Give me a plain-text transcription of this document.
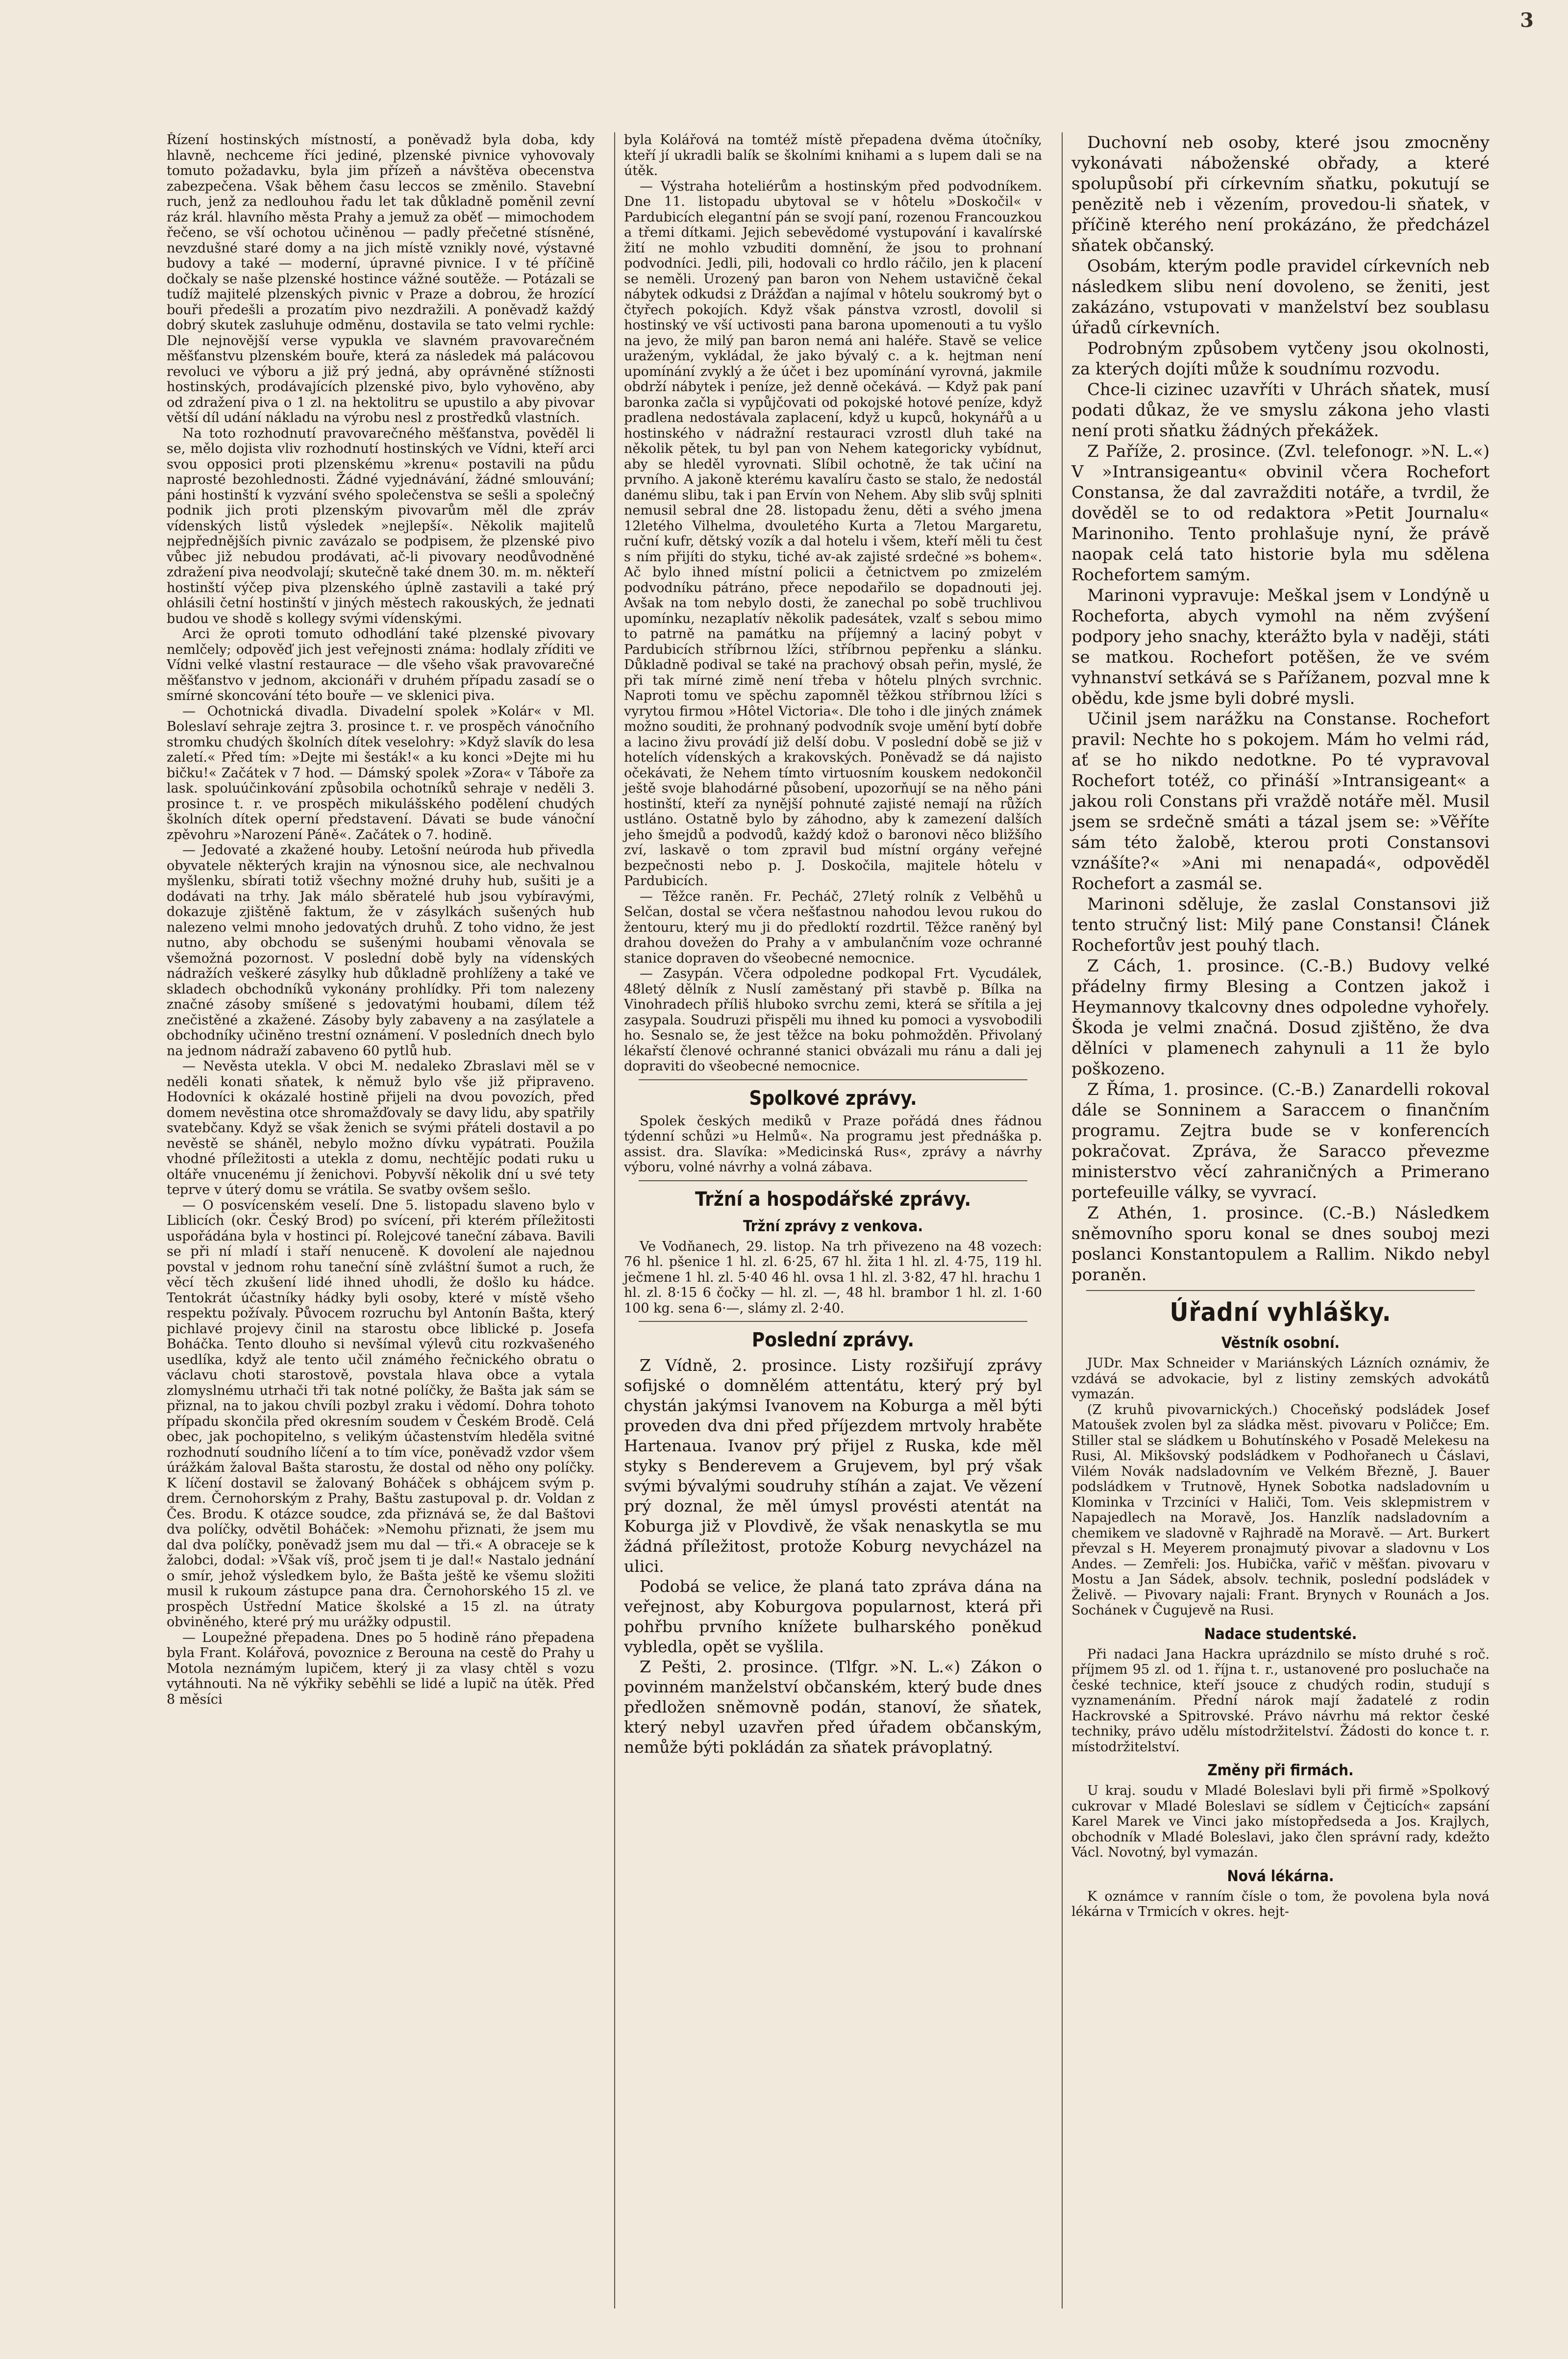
3

Řízení hostinských místností, a poněvadž byla doba, kdy hlavně, nechceme říci jediné, plzenské pivnice vyhovovaly tomuto požadavku, byla jim přízeň a návštěva obecenstva zabezpečena. Však během času leccos se změnilo. Stavební ruch, jenž za nedlouhou řadu let tak důkladně poměnil zevní ráz král. hlavního města Prahy a jemuž za oběť — mimochodem řečeno, se vší ochotou učiněnou — padly přečetné stísněné, nevzdušné staré domy a na jich místě vznikly nové, výstavné budovy a také — moderní, úpravné pivnice. I v té příčině dočkaly se naše plzenské hostince vážné soutěže. — Potázali se tudíž majitelé plzenských pivnic v Praze a dobrou, že hrozící bouři předešli a prozatím pivo nezdražili. A poněvadž každý dobrý skutek zasluhuje odměnu, dostavila se tato velmi rychle: Dle nejnovější verse vypukla ve slavném pravovarečném měšťanstvu plzenském bouře, která za následek má palácovou revoluci ve výboru a již prý jedná, aby oprávněné stížnosti hostinských, prodávajících plzenské pivo, bylo vyhověno, aby od zdražení piva o 1 zl. na hektolitru se upustilo a aby pivovar větší díl udání nákladu na výrobu nesl z prostředků vlastních.

Na toto rozhodnutí pravovarečného měšťanstva, pověděl li se, mělo dojista vliv rozhodnutí hostinských ve Vídni, kteří arci svou opposici proti plzenskému »krenu« postavili na půdu naprosté bezohlednosti. Žádné vyjednávání, žádné smlouvání; páni hostinští k vyzvání svého společenstva se sešli a společný podnik jich proti plzenským pivovarům měl dle zpráv vídenských listů výsledek »nejlepší«. Několik majitelů nejpřednějších pivnic zavázalo se podpisem, že plzenské pivo vůbec již nebudou prodávati, ač-li pivovary neodůvodněné zdražení piva neodvolají; skutečně také dnem 30. m. m. někteří hostinští výčep piva plzenského úplně zastavili a také prý ohlásili četní hostinští v jiných městech rakouských, že jednati budou ve shodě s kollegy svými vídenskými.

Arci že oproti tomuto odhodlání také plzenské pivovary nemlčely; odpověď jich jest veřejnosti známa: hodlaly zříditi ve Vídni velké vlastní restaurace — dle všeho však pravovarečné měšťanstvo v jednom, akcionáři v druhém případu zasadí se o smírné skoncování této bouře — ve sklenici piva.

— Ochotnická divadla. Divadelní spolek »Kolár« v Ml. Boleslaví sehraje zejtra 3. prosince t. r. ve prospěch vánočního stromku chudých školních dítek veselohry: »Když slavík do lesa zaletí.« Před tím: »Dejte mi šesták!« a ku konci »Dejte mi hu bičku!« Začátek v 7 hod. — Dámský spolek »Zora« v Táboře za lask. spoluúčinkování způsobila ochotníků sehraje v neděli 3. prosince t. r. ve prospěch mikulášského podělení chudých školních dítek operní představení. Dávati se bude vánoční zpěvohru »Narození Páně«. Začátek o 7. hodině.

— Jedovaté a zkažené houby. Letošní neúroda hub přivedla obyvatele některých krajin na výnosnou sice, ale nechvalnou myšlenku, sbírati totiž všechny možné druhy hub, sušiti je a dodávati na trhy. Jak málo sběratelé hub jsou vybíravými, dokazuje zjištěně faktum, že v zásylkách sušených hub nalezeno velmi mnoho jedovatých druhů. Z toho vidno, že jest nutno, aby obchodu se sušenými houbami věnovala se všemožná pozornost. V poslední době byly na vídenských nádražích veškeré zásylky hub důkladně prohlíženy a také ve skladech obchodníků vykonány prohlídky. Při tom nalezeny značné zásoby smíšené s jedovatými houbami, dílem též znečistěné a zkažené. Zásoby byly zabaveny a na zasýlatele a obchodníky učiněno trestní oznámení. V posledních dnech bylo na jednom nádraží zabaveno 60 pytlů hub.

— Nevěsta utekla. V obci M. nedaleko Zbraslavi měl se v neděli konati sňatek, k němuž bylo vše již připraveno. Hodovníci k okázalé hostině přijeli na dvou povozích, před domem nevěstina otce shromažďovaly se davy lidu, aby spatřily svatebčany. Když se však ženich se svými přáteli dostavil a po nevěstě se sháněl, nebylo možno dívku vypátrati. Použila vhodné příležitosti a utekla z domu, nechtějíc podati ruku u oltáře vnucenému jí ženichovi. Pobyvší několik dní u své tety teprve v úterý domu se vrátila. Se svatby ovšem sešlo.

— O posvícenském veselí. Dne 5. listopadu slaveno bylo v Liblicích (okr. Český Brod) po svícení, při kterém příležitosti uspořádána byla v hostinci pí. Rolejcové taneční zábava. Bavili se při ní mladí i staří nenuceně. K dovolení ale najednou povstal v jednom rohu taneční síně zvláštní šumot a ruch, že věcí těch zkušení lidé ihned uhodli, že došlo ku hádce. Tentokrát účastníky hádky byli osoby, které v místě všeho respektu požívaly. Půvocem rozruchu byl Antonín Bašta, který pichlavé projevy činil na starostu obce liblické p. Josefa Boháčka. Tento dlouho si nevšímal výlevů citu rozkvašeného usedlíka, když ale tento učil známého řečnického obratu o václavu choti starostově, povstala hlava obce a vytala zlomyslnému utrhači tři tak notné políčky, že Bašta jak sám se přiznal, na to jakou chvíli pozbyl zraku i vědomí. Dohra tohoto případu skončila před okresním soudem v Českém Brodě. Celá obec, jak pochopitelno, s velikým účastenstvím hleděla svitné rozhodnutí soudního líčení a to tím více, poněvadž vzdor všem úrážkám žaloval Bašta starostu, že dostal od něho ony políčky. K líčení dostavil se žalovaný Boháček s obhájcem svým p. drem. Černohorským z Prahy, Baštu zastupoval p. dr. Voldan z Čes. Brodu. K otázce soudce, zda přiznává se, že dal Baštovi dva políčky, odvětil Boháček: »Nemohu přiznati, že jsem mu dal dva políčky, poněvadž jsem mu dal — tři.« A obraceje se k žalobci, dodal: »Však víš, proč jsem ti je dal!« Nastalo jednání o smír, jehož výsledkem bylo, že Bašta ještě ke všemu složiti musil k rukoum zástupce pana dra. Černohorského 15 zl. ve prospěch Ústřední Matice školské a 15 zl. na útraty obviněného, které prý mu urážky odpustil.

— Loupežné přepadena. Dnes po 5 hodině ráno přepadena byla Frant. Kolářová, povoznice z Berouna na cestě do Prahy u Motola neznámým lupičem, který ji za vlasy chtěl s vozu vytáhnouti. Na ně výkřiky seběhli se lidé a lupič na útěk. Před 8 měsíci

byla Kolářová na tomtéž místě přepadena dvěma útočníky, kteří jí ukradli balík se školními knihami a s lupem dali se na útěk.

— Výstraha hoteliérům a hostinským před podvodníkem. Dne 11. listopadu ubytoval se v hôtelu »Doskočil« v Pardubicích elegantní pán se svojí paní, rozenou Francouzkou a třemi dítkami. Jejich sebevědomé vystupování i kavalírské žití ne mohlo vzbuditi domnění, že jsou to prohnaní podvodníci. Jedli, pili, hodovali co hrdlo ráčilo, jen k placení se neměli. Urozený pan baron von Nehem ustavičně čekal nábytek odkudsi z Drážďan a najímal v hôtelu soukromý byt o čtyřech pokojích. Když však pánstva vzrostl, dovolil si hostinský ve vší uctivosti pana barona upomenouti a tu vyšlo na jevo, že milý pan baron nemá ani haléře. Stavě se velice uraženým, vykládal, že jako bývalý c. a k. hejtman není upomínání zvyklý a že účet i bez upomínání vyrovná, jakmile obdrží nábytek i peníze, jež denně očekává. — Když pak paní baronka začla si vypůjčovati od pokojské hotové peníze, když pradlena nedostávala zaplacení, když u kupců, hokynářů a u hostinského v nádražní restauraci vzrostl dluh také na několik pětek, tu byl pan von Nehem kategoricky vybídnut, aby se hleděl vyrovnati. Slíbil ochotně, že tak učiní na prvního. A jakoně kterému kavalíru často se stalo, že nedostál danému slibu, tak i pan Ervín von Nehem. Aby slib svůj splniti nemusil sebral dne 28. listopadu ženu, děti a svého jmena 12letého Vilhelma, dvouletého Kurta a 7letou Margaretu, ruční kufr, dětský vozík a dal hotelu i všem, kteří měli tu čest s ním přijíti do styku, tiché av-ak zajisté srdečné »s bohem«. Ač bylo ihned místní policii a četnictvem po zmizelém podvodníku pátráno, přece nepodařilo se dopadnouti jej. Avšak na tom nebylo dosti, že zanechal po sobě truchlivou upomínku, nezaplatív několik padesátek, vzalť s sebou mimo to patrně na památku na příjemný a laciný pobyt v Pardubicích stříbrnou lžíci, stříbrnou pepřenku a slánku. Důkladně podival se také na prachový obsah peřin, myslé, že při tak mírné zimě není třeba v hôtelu plných svrchnic. Naproti tomu ve spěchu zapomněl těžkou stříbrnou lžíci s vyrytou firmou »Hôtel Victoria«. Dle toho i dle jiných známek možno souditi, že prohnaný podvodník svoje umění bytí dobře a lacino živu provádí již delší dobu. V poslední době se již v hotelích vídenských a krakovských. Poněvadž se dá najisto očekávati, že Nehem tímto virtuosním kouskem nedokončil ještě svoje blahodárné působení, upozorňují se na něho páni hostinští, kteří za nynější pohnuté zajisté nemají na růžích ustláno. Ostatně bylo by záhodno, aby k zamezení dalších jeho šmejdů a podvodů, každý kdož o baronovi něco bližšího zví, laskavě o tom zpravil bud místní orgány veřejné bezpečnosti nebo p. J. Doskočila, majitele hôtelu v Pardubicích.

— Těžce raněn. Fr. Pecháč, 27letý rolník z Velběhů u Selčan, dostal se včera nešťastnou nahodou levou rukou do žentouru, který mu ji do předloktí rozdrtil. Těžce raněný byl drahou dovežen do Prahy a v ambulančním voze ochranné stanice dopraven do všeobecné nemocnice.

— Zasypán. Včera odpoledne podkopal Frt. Vycudálek, 48letý dělník z Nuslí zaměstaný při stavbě p. Bílka na Vinohradech příliš hluboko svrchu zemi, která se sřítila a jej zasypala. Soudruzi přispěli mu ihned ku pomoci a vysvobodili ho. Sesnalo se, že jest těžce na boku pohmožděn. Přivolaný lékařstí členové ochranné stanici obvázali mu ránu a dali jej dopraviti do všeobecné nemocnice.

Spolkové zprávy.

Spolek českých mediků v Praze pořádá dnes řádnou týdenní schůzi »u Helmů«. Na programu jest přednáška p. assist. dra. Slavíka: »Medicinská Rus«, zprávy a návrhy výboru, volné návrhy a volná zábava.

Tržní a hospodářské zprávy.
Tržní zprávy z venkova.

Ve Vodňanech, 29. listop. Na trh přivezeno na 48 vozech: 76 hl. pšenice 1 hl. zl. 6·25, 67 hl. žita 1 hl. zl. 4·75, 119 hl. ječmene 1 hl. zl. 5·40 46 hl. ovsa 1 hl. zl. 3·82, 47 hl. hrachu 1 hl. zl. 8·15 6 čočky — hl. zl. —, 48 hl. brambor 1 hl. zl. 1·60 100 kg. sena 6·—, slámy zl. 2·40.

Poslední zprávy.

Z Vídně, 2. prosince. Listy rozšiřují zprávy sofijské o domnělém attentátu, který prý byl chystán jakýmsi Ivanovem na Koburga a měl býti proveden dva dni před příjezdem mrtvoly hraběte Hartenaua. Ivanov prý přijel z Ruska, kde měl styky s Benderevem a Grujevem, byl prý však svými bývalými soudruhy stíhán a zajat. Ve vězení prý doznal, že měl úmysl provésti atentát na Koburga již v Plovdivě, že však nenaskytla se mu žádná příležitost, protože Koburg nevycházel na ulici.

Podobá se velice, že planá tato zpráva dána na veřejnost, aby Koburgova popularnost, která při pohřbu prvního knížete bulharského poněkud vybledla, opět se vyšlila.

Z Pešti, 2. prosince. (Tlfgr. »N. L.«) Zákon o povinném manželství občanském, který bude dnes předložen sněmovně podán, stanoví, že sňatek, který nebyl uzavřen před úřadem občanským, nemůže býti pokládán za sňatek právoplatný.

Duchovní neb osoby, které jsou zmocněny vykonávati náboženské obřady, a které spolupůsobí při církevním sňatku, pokutují se penězitě neb i vězením, provedou-li sňatek, v příčině kterého není prokázáno, že předcházel sňatek občanský.

Osobám, kterým podle pravidel církevních neb následkem slibu není dovoleno, se ženiti, jest zakázáno, vstupovati v manželství bez soublasu úřadů církevních.

Podrobným způsobem vytčeny jsou okolnosti, za kterých dojíti může k soudnímu rozvodu.

Chce-li cizinec uzavříti v Uhrách sňatek, musí podati důkaz, že ve smyslu zákona jeho vlasti není proti sňatku žádných překážek.

Z Paříže, 2. prosince. (Zvl. telefonogr. »N. L.«) V »Intransigeantu« obvinil včera Rochefort Constansa, že dal zavražditi notáře, a tvrdil, že dověděl se to od redaktora »Petit Journalu« Marinoniho. Tento prohlašuje nyní, že právě naopak celá tato historie byla mu sdělena Rochefortem samým.

Marinoni vypravuje: Meškal jsem v Londýně u Rocheforta, abych vymohl na něm zvýšení podpory jeho snachy, kterážto byla v naději, státi se matkou. Rochefort potěšen, že ve svém vyhnanství setkává se s Pařížanem, pozval mne k obědu, kde jsme byli dobré mysli.

Učinil jsem narážku na Constanse. Rochefort pravil: Nechte ho s pokojem. Mám ho velmi rád, ať se ho nikdo nedotkne. Po té vypravoval Rochefort totéž, co přináší »Intransigeant« a jakou roli Constans při vraždě notáře měl. Musil jsem se srdečně smáti a tázal jsem se: »Věříte sám této žalobě, kterou proti Constansovi vznášíte?« »Ani mi nenapadá«, odpověděl Rochefort a zasmál se.

Marinoni sděluje, že zaslal Constansovi již tento stručný list: Milý pane Constansi! Článek Rochefortův jest pouhý tlach.

Z Cách, 1. prosince. (C.-B.) Budovy velké přádelny firmy Blesing a Contzen jakož i Heymannovy tkalcovny dnes odpoledne vyhořely. Škoda je velmi značná. Dosud zjištěno, že dva dělníci v plamenech zahynuli a 11 že bylo poškozeno.

Z Říma, 1. prosince. (C.-B.) Zanardelli rokoval dále se Sonninem a Saraccem o finančním programu. Zejtra bude se v konferencích pokračovat. Zpráva, že Saracco převezme ministerstvo věcí zahraničných a Primerano portefeuille války, se vyvrací.

Z Athén, 1. prosince. (C.-B.) Následkem sněmovního sporu konal se dnes souboj mezi poslanci Konstantopulem a Rallim. Nikdo nebyl poraněn.

Úřadní vyhlášky.
Věstník osobní.

JUDr. Max Schneider v Mariánských Lázních oznámiv, že vzdává se advokacie, byl z listiny zemských advokátů vymazán.

(Z kruhů pivovarnických.) Choceňský podsládek Josef Matoušek zvolen byl za sládka měst. pivovaru v Poličce; Em. Stiller stal se sládkem u Bohutínského v Posadě Melekesu na Rusi, Al. Mikšovský podsládkem v Podhořanech u Čáslavi, Vilém Novák nadsladovním ve Velkém Březně, J. Bauer podsládkem v Trutnově, Hynek Sobotka nadsladovním u Klominka v Trzciníci v Haliči, Tom. Veis sklepmistrem v Napajedlech na Moravě, Jos. Hanzlík nadsladovním a chemikem ve sladovně v Rajhradě na Moravě. — Art. Burkert převzal s H. Meyerem pronajmutý pivovar a sladovnu v Los Andes. — Zemřeli: Jos. Hubička, vařič v měšťan. pivovaru v Mostu a Jan Sádek, absolv. technik, poslední podsládek v Želivě. — Pivovary najali: Frant. Brynych v Rounách a Jos. Sochánek v Čugujevě na Rusi.

Nadace studentské.

Při nadaci Jana Hackra uprázdnilo se místo druhé s roč. příjmem 95 zl. od 1. října t. r., ustanovené pro posluchače na české technice, kteří jsouce z chudých rodin, studují s vyznamenáním. Přední nárok mají žadatelé z rodin Hackrovské a Spitrovské. Právo návrhu má rektor české techniky, právo udělu místodržitelství. Žádosti do konce t. r. místodržitelství.

Změny při firmách.

U kraj. soudu v Mladé Boleslavi byli při firmě »Spolkový cukrovar v Mladé Boleslavi se sídlem v Čejticích« zapsání Karel Marek ve Vinci jako místopředseda a Jos. Krajlych, obchodník v Mladé Boleslavi, jako člen správní rady, kdežto Václ. Novotný, byl vymazán.

Nová lékárna.

K oznámce v ranním čísle o tom, že povolena byla nová lékárna v Trmicích v okres. hejt-
